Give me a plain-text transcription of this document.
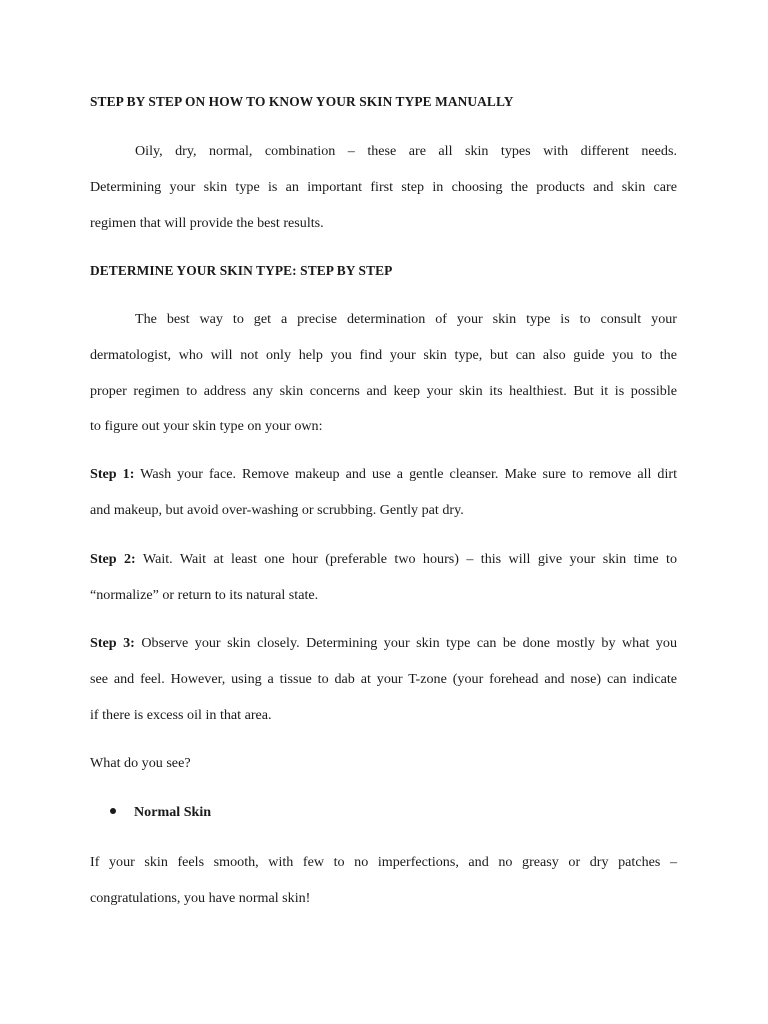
STEP BY STEP ON HOW TO KNOW YOUR SKIN TYPE MANUALLY
Oily, dry, normal, combination – these are all skin types with different needs.
Determining your skin type is an important first step in choosing the products and skin care
regimen that will provide the best results.
DETERMINE YOUR SKIN TYPE: STEP BY STEP
The best way to get a precise determination of your skin type is to consult your
dermatologist, who will not only help you find your skin type, but can also guide you to the
proper regimen to address any skin concerns and keep your skin its healthiest. But it is possible
to figure out your skin type on your own:
Step 1: Wash your face. Remove makeup and use a gentle cleanser. Make sure to remove all dirt
and makeup, but avoid over-washing or scrubbing. Gently pat dry.
Step 2: Wait. Wait at least one hour (preferable two hours) – this will give your skin time to
“normalize” or return to its natural state.
Step 3: Observe your skin closely. Determining your skin type can be done mostly by what you
see and feel. However, using a tissue to dab at your T-zone (your forehead and nose) can indicate
if there is excess oil in that area.
What do you see?
Normal Skin
If your skin feels smooth, with few to no imperfections, and no greasy or dry patches –
congratulations, you have normal skin!
